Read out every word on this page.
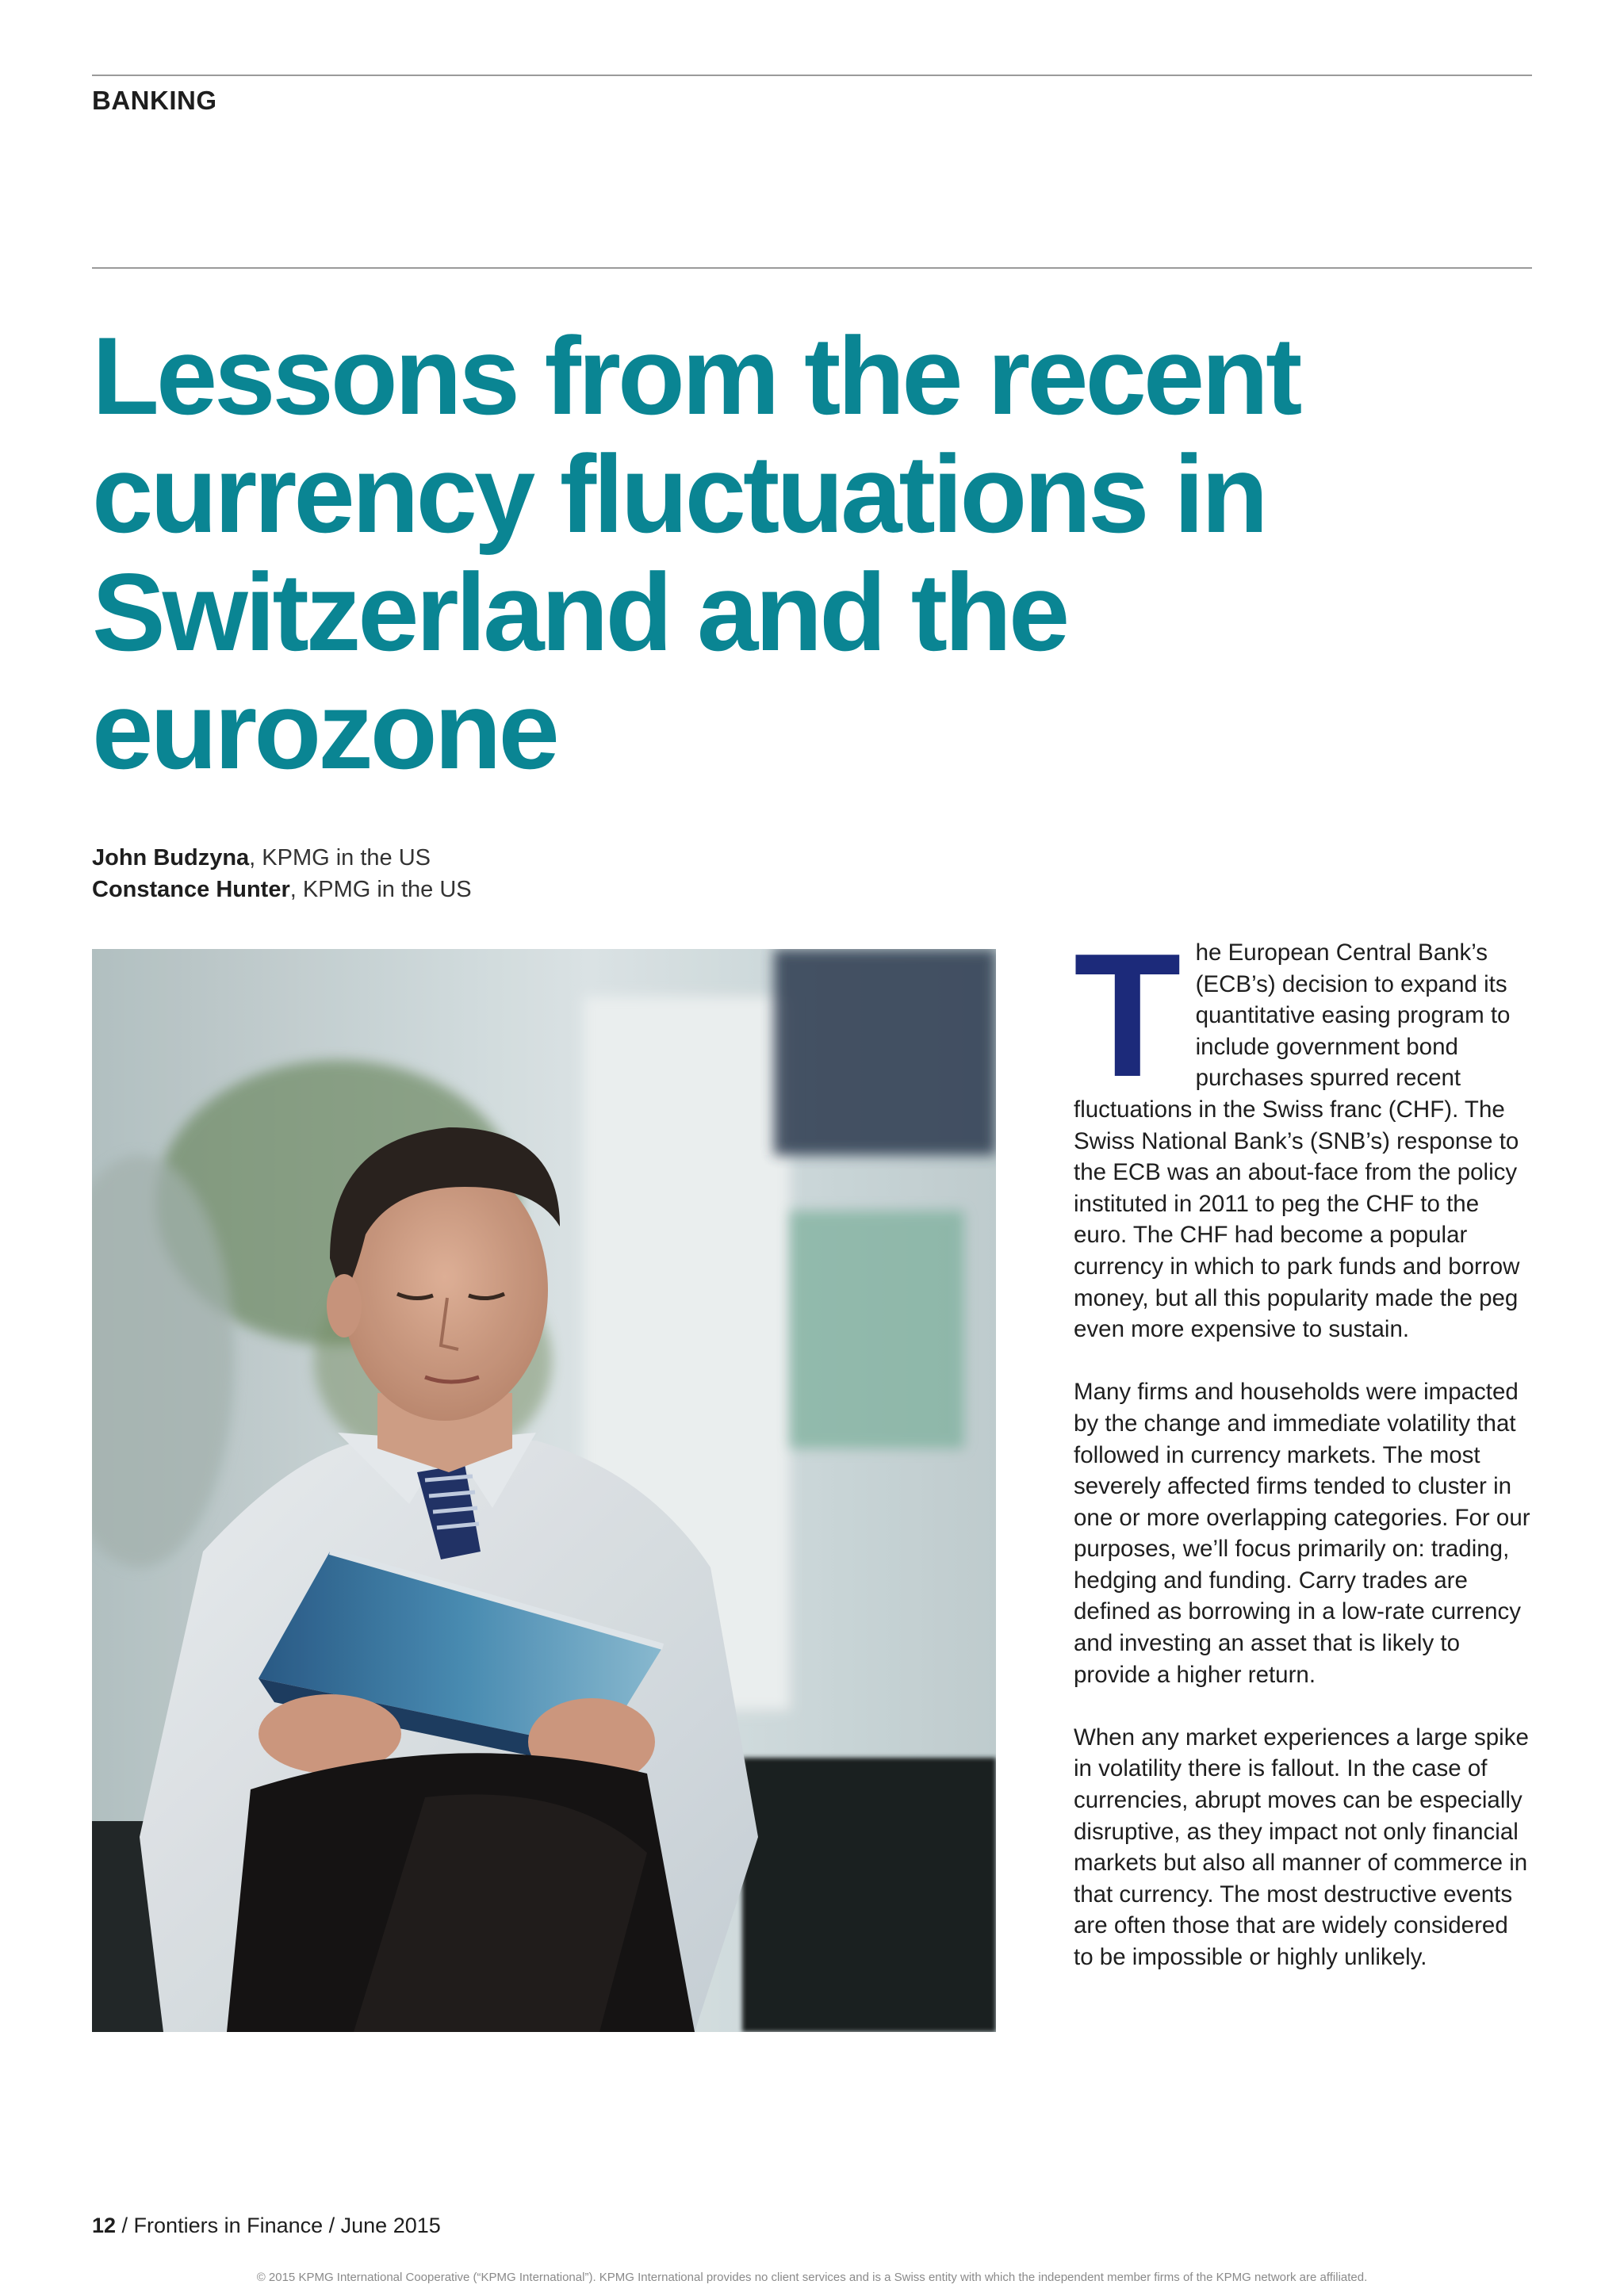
BANKING
Lessons from the recent currency fluctuations in Switzerland and the eurozone
John Budzyna, KPMG in the US
Constance Hunter, KPMG in the US

The European Central Bank’s (ECB’s) decision to expand its quantitative easing program to include government bond purchases spurred recent fluctuations in the Swiss franc (CHF). The Swiss National Bank’s (SNB’s) response to the ECB was an about-face from the policy instituted in 2011 to peg the CHF to the euro. The CHF had become a popular currency in which to park funds and borrow money, but all this popularity made the peg even more expensive to sustain.

Many firms and households were impacted by the change and immediate volatility that followed in currency markets. The most severely affected firms tended to cluster in one or more overlapping categories. For our purposes, we’ll focus primarily on: trading, hedging and funding. Carry trades are defined as borrowing in a low-rate currency and investing an asset that is likely to provide a higher return.

When any market experiences a large spike in volatility there is fallout. In the case of currencies, abrupt moves can be especially disruptive, as they impact not only financial markets but also all manner of commerce in that currency. The most destructive events are often those that are widely considered to be impossible or highly unlikely.

12 / Frontiers in Finance / June 2015
© 2015 KPMG International Cooperative (“KPMG International”). KPMG International provides no client services and is a Swiss entity with which the independent member firms of the KPMG network are affiliated.
